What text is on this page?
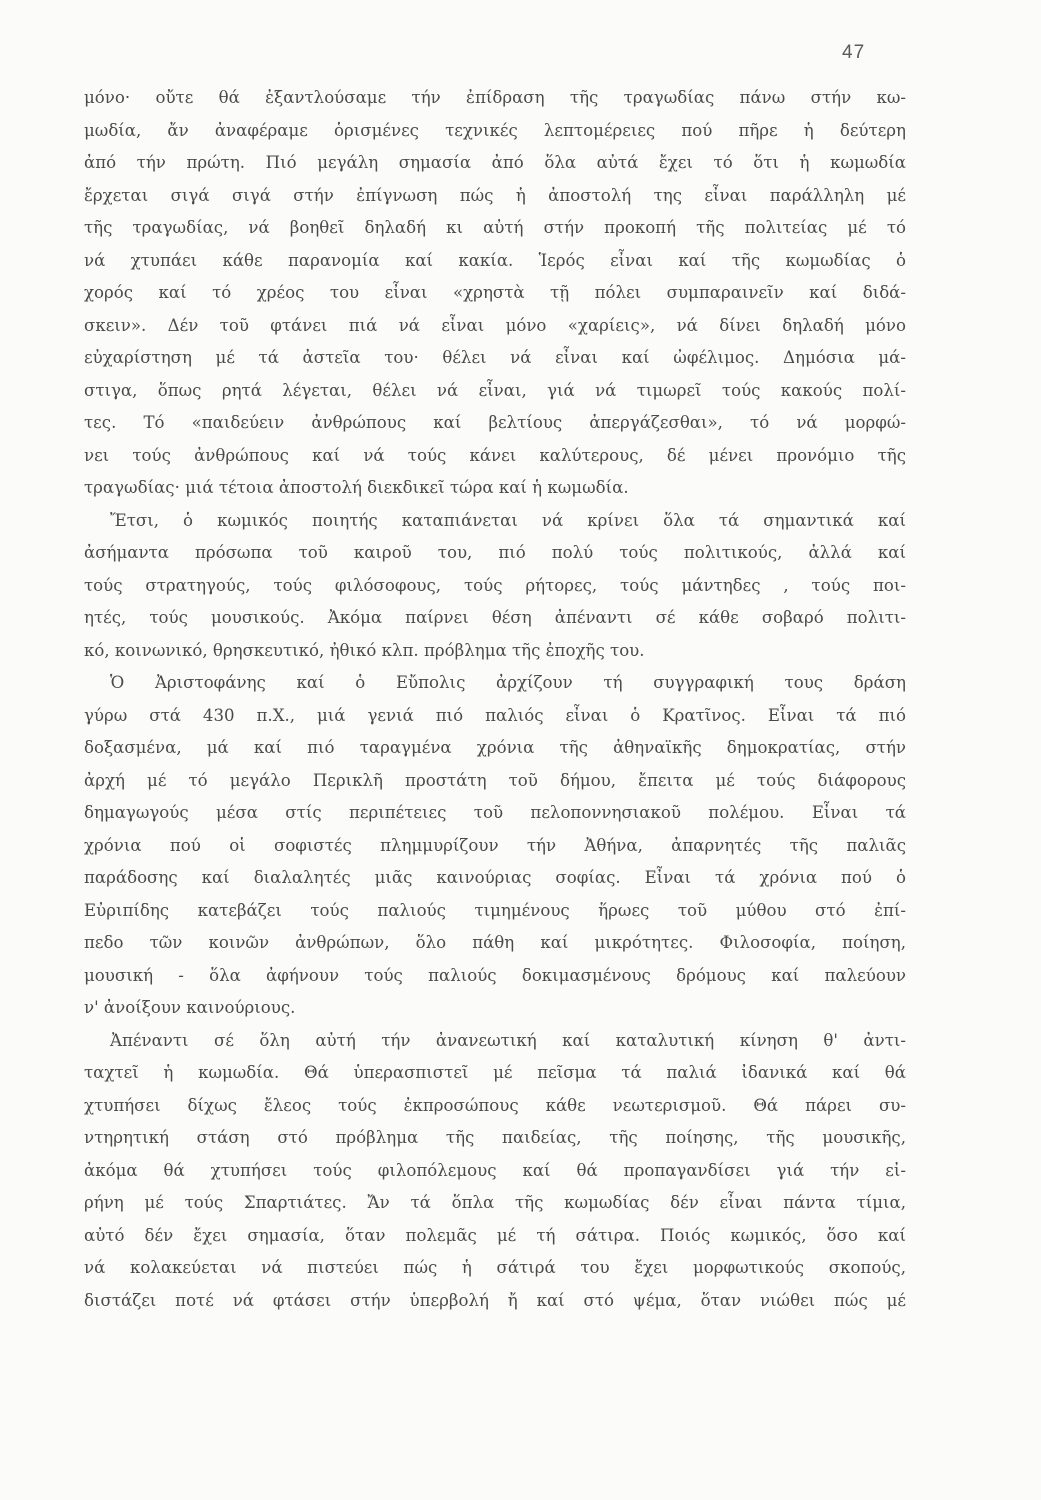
47
μόνο· οὔτε θά ἐξαντλούσαμε τήν ἐπίδραση τῆς τραγωδίας πάνω στήν κω-
μωδία, ἄν ἀναφέραμε ὁρισμένες τεχνικές λεπτομέρειες πού πῆρε ἡ δεύτερη
ἀπό τήν πρώτη. Πιό μεγάλη σημασία ἀπό ὅλα αὐτά ἔχει τό ὅτι ἡ κωμωδία
ἔρχεται σιγά σιγά στήν ἐπίγνωση πώς ἡ ἀποστολή της εἶναι παράλληλη μέ
τῆς τραγωδίας, νά βοηθεῖ δηλαδή κι αὐτή στήν προκοπή τῆς πολιτείας μέ τό
νά χτυπάει κάθε παρανομία καί κακία. Ἱερός εἶναι καί τῆς κωμωδίας ὁ
χορός καί τό χρέος του εἶναι «χρηστὰ τῇ πόλει συμπαραινεῖν καί διδά-
σκειν». Δέν τοῦ φτάνει πιά νά εἶναι μόνο «χαρίεις», νά δίνει δηλαδή μόνο
εὐχαρίστηση μέ τά ἀστεῖα του· θέλει νά εἶναι καί ὠφέλιμος. Δημόσια μά-
στιγα, ὅπως ρητά λέγεται, θέλει νά εἶναι, γιά νά τιμωρεῖ τούς κακούς πολί-
τες. Τό «παιδεύειν ἀνθρώπους καί βελτίους ἀπεργάζεσθαι», τό νά μορφώ-
νει τούς ἀνθρώπους καί νά τούς κάνει καλύτερους, δέ μένει προνόμιο τῆς
τραγωδίας· μιά τέτοια ἀποστολή διεκδικεῖ τώρα καί ἡ κωμωδία.
Ἔτσι, ὁ κωμικός ποιητής καταπιάνεται νά κρίνει ὅλα τά σημαντικά καί
ἀσήμαντα πρόσωπα τοῦ καιροῦ του, πιό πολύ τούς πολιτικούς, ἀλλά καί
τούς στρατηγούς, τούς φιλόσοφους, τούς ρήτορες, τούς μάντηδες , τούς ποι-
ητές, τούς μουσικούς. Ἀκόμα παίρνει θέση ἀπέναντι σέ κάθε σοβαρό πολιτι-
κό, κοινωνικό, θρησκευτικό, ἠθικό κλπ. πρόβλημα τῆς ἐποχῆς του.
Ὁ Ἀριστοφάνης καί ὁ Εὔπολις ἀρχίζουν τή συγγραφική τους δράση
γύρω στά 430 π.Χ., μιά γενιά πιό παλιός εἶναι ὁ Κρατῖνος. Εἶναι τά πιό
δοξασμένα, μά καί πιό ταραγμένα χρόνια τῆς ἀθηναϊκῆς δημοκρατίας, στήν
ἀρχή μέ τό μεγάλο Περικλῆ προστάτη τοῦ δήμου, ἔπειτα μέ τούς διάφορους
δημαγωγούς μέσα στίς περιπέτειες τοῦ πελοποννησιακοῦ πολέμου. Εἶναι τά
χρόνια πού οἱ σοφιστές πλημμυρίζουν τήν Ἀθήνα, ἀπαρνητές τῆς παλιᾶς
παράδοσης καί διαλαλητές μιᾶς καινούριας σοφίας. Εἶναι τά χρόνια πού ὁ
Εὐριπίδης κατεβάζει τούς παλιούς τιμημένους ἥρωες τοῦ μύθου στό ἐπί-
πεδο τῶν κοινῶν ἀνθρώπων, ὅλο πάθη καί μικρότητες. Φιλοσοφία, ποίηση,
μουσική - ὅλα ἀφήνουν τούς παλιούς δοκιμασμένους δρόμους καί παλεύουν
ν' ἀνοίξουν καινούριους.
Ἀπέναντι σέ ὅλη αὐτή τήν ἀνανεωτική καί καταλυτική κίνηση θ' ἀντι-
ταχτεῖ ἡ κωμωδία. Θά ὑπερασπιστεῖ μέ πεῖσμα τά παλιά ἰδανικά καί θά
χτυπήσει δίχως ἔλεος τούς ἐκπροσώπους κάθε νεωτερισμοῦ. Θά πάρει συ-
ντηρητική στάση στό πρόβλημα τῆς παιδείας, τῆς ποίησης, τῆς μουσικῆς,
ἀκόμα θά χτυπήσει τούς φιλοπόλεμους καί θά προπαγανδίσει γιά τήν εἰ-
ρήνη μέ τούς Σπαρτιάτες. Ἄν τά ὅπλα τῆς κωμωδίας δέν εἶναι πάντα τίμια,
αὐτό δέν ἔχει σημασία, ὅταν πολεμᾶς μέ τή σάτιρα. Ποιός κωμικός, ὅσο καί
νά κολακεύεται νά πιστεύει πώς ἡ σάτιρά του ἔχει μορφωτικούς σκοπούς,
διστάζει ποτέ νά φτάσει στήν ὑπερβολή ἤ καί στό ψέμα, ὅταν νιώθει πώς μέ
